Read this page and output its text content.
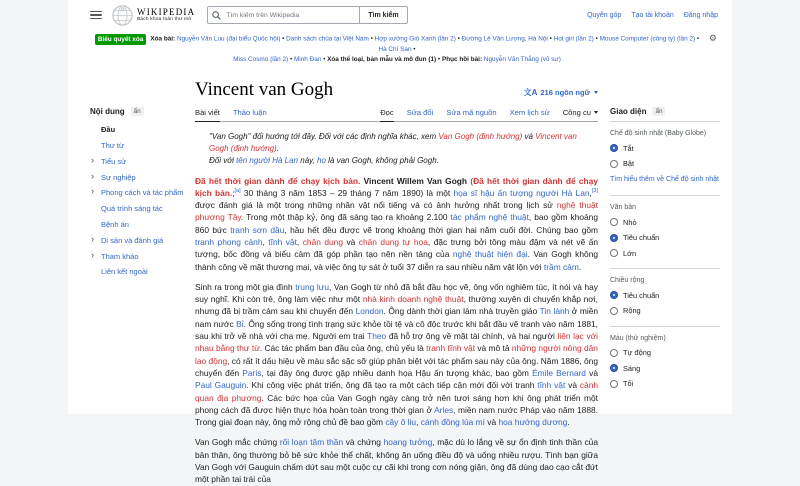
WIKIPEDIA
Bách khoa toàn thư mở
Tìm kiếm trên Wikipedia
Tìm kiếm	Quyên góp Tạo tài khoản Đăng nhập
Biểu quyết xóa Xóa bài: Nguyễn Văn Luu (đại biểu Quốc hội) • Danh sách chúa tại Việt Nam • Hợp xướng Gió Xanh (lần 2) • Đường Lê Văn Lương, Hà Nội • Hot girl (lần 2) • Mouse Computer (công ty) (lần 2) • Hà Chí San •
Miss Cosmo (lần 2) • Minh Đan • Xóa thể loại, bản mẫu và mô đun (1) • Phục hồi bài: Nguyễn Văn Thắng (võ sư)
⚙
Nội dung	ẩn
Đầu
Thư từ
› Tiểu sử
› Sự nghiệp
› Phong cách và tác phẩm
Quá trình sáng tác
Bệnh án
› Di sản và đánh giá
› Tham khảo
Liên kết ngoài
Vincent van Gogh	文A 216 ngôn ngữ
Bài viết Thảo luận	Đọc Sửa đổi Sửa mã nguồn Xem lịch sử Công cụ
"Van Gogh" đổi hướng tới đây. Đối với các định nghĩa khác, xem Van Gogh (định hướng) và Vincent van Gogh (định hướng).
Đối với tên người Hà Lan này, họ là van Gogh, không phải Gogh.

Đã hết thời gian dành để chạy kịch bản. Vincent Willem Van Gogh (Đã hết thời gian dành để chạy kịch bản.;[a] 30 tháng 3 năm 1853 – 29 tháng 7 năm 1890) là một họa sĩ hậu ấn tượng người Hà Lan,[3] được đánh giá là một trong những nhân vật nổi tiếng và có ảnh hưởng nhất trong lịch sử nghệ thuật phương Tây. Trong một thập kỷ, ông đã sáng tạo ra khoảng 2.100 tác phẩm nghệ thuật, bao gồm khoảng 860 bức tranh sơn dầu, hầu hết đều được vẽ trong khoảng thời gian hai năm cuối đời. Chúng bao gồm tranh phong cảnh, tĩnh vật, chân dung và chân dung tự họa, đặc trưng bởi tông màu đậm và nét vẽ ấn tượng, bốc đồng và biểu cảm đã góp phần tạo nên nền tảng của nghệ thuật hiện đại. Van Gogh không thành công về mặt thương mại, và việc ông tự sát ở tuổi 37 diễn ra sau nhiều năm vật lộn với trầm cảm.

Sinh ra trong một gia đình trung lưu, Van Gogh từ nhỏ đã bắt đầu học vẽ, ông vốn nghiêm túc, ít nói và hay suy nghĩ. Khi còn trẻ, ông làm việc như một nhà kinh doanh nghệ thuật, thường xuyên di chuyển khắp nơi, nhưng đã bị trầm cảm sau khi chuyển đến London. Ông dành thời gian làm nhà truyền giáo Tin lành ở miền nam nước Bỉ. Ông sống trong tình trạng sức khỏe tồi tệ và cô độc trước khi bắt đầu vẽ tranh vào năm 1881, sau khi trở về nhà với cha mẹ. Người em trai Theo đã hỗ trợ ông về mặt tài chính, và hai người liên lạc với nhau bằng thư từ. Các tác phẩm ban đầu của ông, chủ yếu là tranh tĩnh vật và mô tả những người nông dân lao động, có rất ít dấu hiệu về màu sắc sặc sỡ giúp phân biệt với tác phẩm sau này của ông. Năm 1886, ông chuyển đến Paris, tại đây ông được gặp nhiều danh họa Hậu ấn tượng khác, bao gồm Émile Bernard và Paul Gauguin. Khi công việc phát triển, ông đã tạo ra một cách tiếp cận mới đối với tranh tĩnh vật và cảnh quan địa phương. Các bức họa của Van Gogh ngày càng trở nên tươi sáng hơn khi ông phát triển một phong cách đã được hiện thực hóa hoàn toàn trong thời gian ở Arles, miền nam nước Pháp vào năm 1888. Trong giai đoạn này, ông mở rộng chủ đề bao gồm cây ô liu, cánh đồng lúa mì và hoa hướng dương.

Van Gogh mắc chứng rối loạn tâm thần và chứng hoang tưởng, mặc dù lo lắng về sự ổn định tinh thần của bản thân, ông thường bỏ bê sức khỏe thể chất, không ăn uống điều độ và uống nhiều rượu. Tình bạn giữa Van Gogh với Gauguin chấm dứt sau một cuộc cự cãi khi trong cơn nóng giận, ông đã dùng dao cạo cắt đứt một phần tai trái của

Giao diện	ẩn
Chế độ sinh nhật (Baby Globe)
Tắt
Bật
Tìm hiểu thêm về Chế độ sinh nhật
Văn bản
Nhỏ
Tiêu chuẩn
Lớn
Chiều rộng
Tiêu chuẩn
Rộng
Màu (thử nghiệm)
Tự động
Sáng
Tối
